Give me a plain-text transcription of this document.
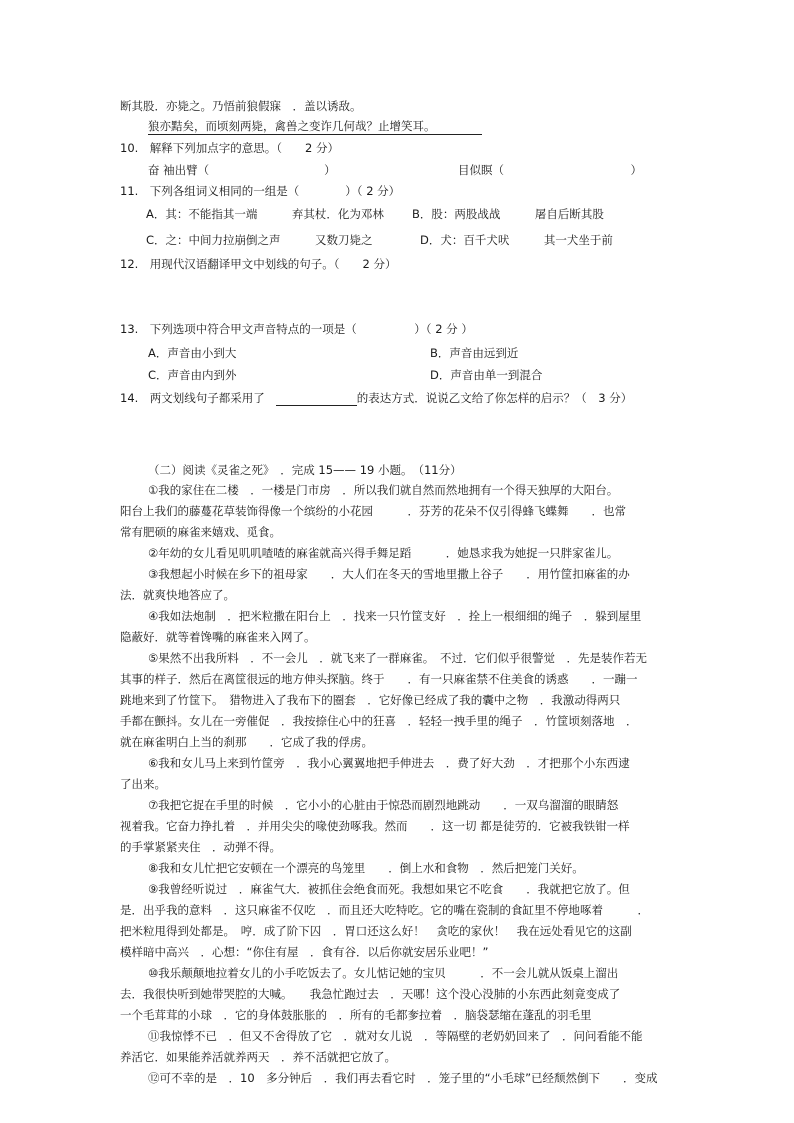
断其股．亦毙之。乃悟前狼假寐　．盖以诱敌。
狼亦黠矣，而顷刻两毙，禽兽之变诈几何哉？止增笑耳。
10.　解释下列加点字的意思。（　　2 分）
奋 袖出臂（　　　　　　　　　　）	目似瞑（　　　　　　　　　　　）
11.　下列各组词义相同的一组是（　　　　）（ 2 分）
A．其：不能指其一端　　　弃其杖．化为邓林 B．股：两股战战　　　屠自后断其股
C．之：中间力拉崩倒之声　　　又数刀毙之	D．犬：百千犬吠　　　其一犬坐于前
12.　用现代汉语翻译甲文中划线的句子。（　　2 分）
13.　下列选项中符合甲文声音特点的一项是（　　　　　）（ 2 分 ）
A．声音由小到大	B．声音由远到近
C．声音由内到外	D．声音由单一到混合
14.　两文划线句子都采用了　　　　　　　　	的表达方式．说说乙文给了你怎样的启示？（　3 分）
（二）阅读《灵雀之死》　．完成 15—— 19 小题。　（11分）
①我的家住在二楼　．一楼是门市房　．所以我们就自然而然地拥有一个得天独厚的大阳台。
阳台上我们的藤蔓花草装饰得像一个缤纷的小花园　　　．芬芳的花朵不仅引得蜂飞蝶舞　　．也常
常有肥硕的麻雀来嬉戏、觅食。
②年幼的女儿看见叽叽喳喳的麻雀就高兴得手舞足蹈　　　．她恳求我为她捉一只胖家雀儿。
③我想起小时候在乡下的祖母家　　．大人们在冬天的雪地里撒上谷子　　．用竹筐扣麻雀的办
法．就爽快地答应了。
④我如法炮制　．把米粒撒在阳台上　．找来一只竹筐支好　．拴上一根细细的绳子　．躲到屋里
隐蔽好．就等着馋嘴的麻雀来入网了。
⑤果然不出我所料　．不一会儿　．就飞来了一群麻雀。　不过．它们似乎很警觉　．先是装作若无
其事的样子．然后在离筐很远的地方伸头探脑。终于　　．有一只麻雀禁不住美食的诱惑　　．一蹦一
跳地来到了竹筐下。　猎物进入了我布下的圈套　．它好像已经成了我的囊中之物　．我激动得两只
手都在颤抖。女儿在一旁催促　．我按捺住心中的狂喜　．轻轻一拽手里的绳子　．竹筐顷刻落地　．
就在麻雀明白上当的刹那　　．它成了我的俘虏。
⑥我和女儿马上来到竹筐旁　．我小心翼翼地把手伸进去　．费了好大劲　．才把那个小东西逮
了出来。
⑦我把它捉在手里的时候　．它小小的心脏由于惊恐而剧烈地跳动　　．一双乌溜溜的眼睛怒
视着我。它奋力挣扎着　．并用尖尖的喙使劲啄我。然而　　．这一切 都是徒劳的．它被我铁钳一样
的手掌紧紧夹住　．动弹不得。
⑧我和女儿忙把它安顿在一个漂亮的鸟笼里　　．倒上水和食物　．然后把笼门关好。
⑨我曾经听说过　．麻雀气大．被抓住会绝食而死。我想如果它不吃食　　．我就把它放了。但
是．出乎我的意料　．这只麻雀不仅吃　．而且还大吃特吃。它的嘴在瓷制的食缸里不停地啄着　　　．
把米粒甩得到处都是。　哼．成了阶下囚　．胃口还这么好！　贪吃的家伙！　我在远处看见它的这副
模样暗中高兴　．心想：“你住有屋　．食有谷．以后你就安居乐业吧！”
⑩我乐颠颠地拉着女儿的小手吃饭去了。女儿惦记她的宝贝　　　．不一会儿就从饭桌上溜出
去．我很快听到她带哭腔的大喊。　　我急忙跑过去　．天哪！这个没心没肺的小东西此刻竟变成了
一个毛茸茸的小球　．它的身体鼓胀胀的　．所有的毛都奓拉着　．脑袋瑟缩在蓬乱的羽毛里
⑪我惊悸不已　．但又不舍得放了它　．就对女儿说　．等隔壁的老奶奶回来了　．问问看能不能
养活它．如果能养活就养两天　．养不活就把它放了。
⑫可不幸的是　．10　多分钟后　．我们再去看它时　．笼子里的“小毛球”已经颓然倒下　　．变成
